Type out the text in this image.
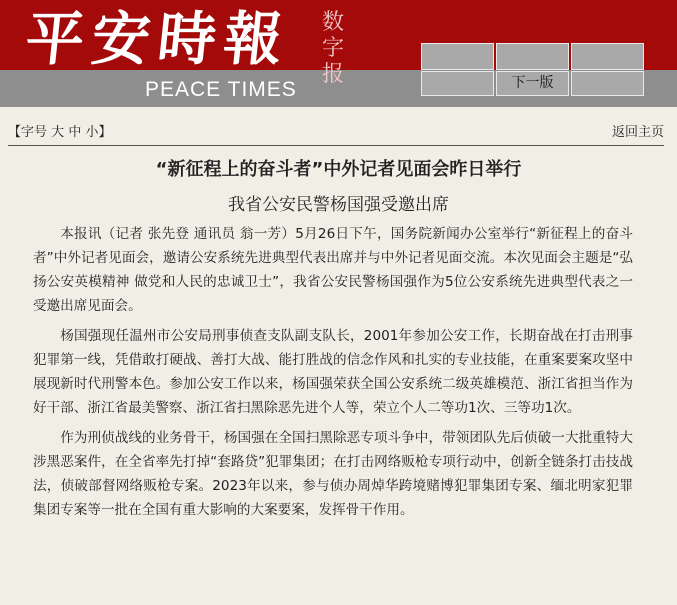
平安時報
PEACE TIMES
数字报	下一版
【字号 大 中 小】	返回主页
“新征程上的奋斗者”中外记者见面会昨日举行
我省公安民警杨国强受邀出席

本报讯（记者 张先登 通讯员 翁一芳）5月26日下午，国务院新闻办公室举行“新征程上的奋斗者”中外记者见面会，邀请公安系统先进典型代表出席并与中外记者见面交流。本次见面会主题是“弘扬公安英模精神 做党和人民的忠诚卫士”，我省公安民警杨国强作为5位公安系统先进典型代表之一受邀出席见面会。

杨国强现任温州市公安局刑事侦查支队副支队长，2001年参加公安工作，长期奋战在打击刑事犯罪第一线，凭借敢打硬战、善打大战、能打胜战的信念作风和扎实的专业技能，在重案要案攻坚中展现新时代刑警本色。参加公安工作以来，杨国强荣获全国公安系统二级英雄模范、浙江省担当作为好干部、浙江省最美警察、浙江省扫黑除恶先进个人等，荣立个人二等功1次、三等功1次。

作为刑侦战线的业务骨干，杨国强在全国扫黑除恶专项斗争中，带领团队先后侦破一大批重特大涉黑恶案件，在全省率先打掉“套路贷”犯罪集团；在打击网络贩枪专项行动中，创新全链条打击技战法，侦破部督网络贩枪专案。2023年以来，参与侦办周焯华跨境赌博犯罪集团专案、缅北明家犯罪集团专案等一批在全国有重大影响的大案要案，发挥骨干作用。
